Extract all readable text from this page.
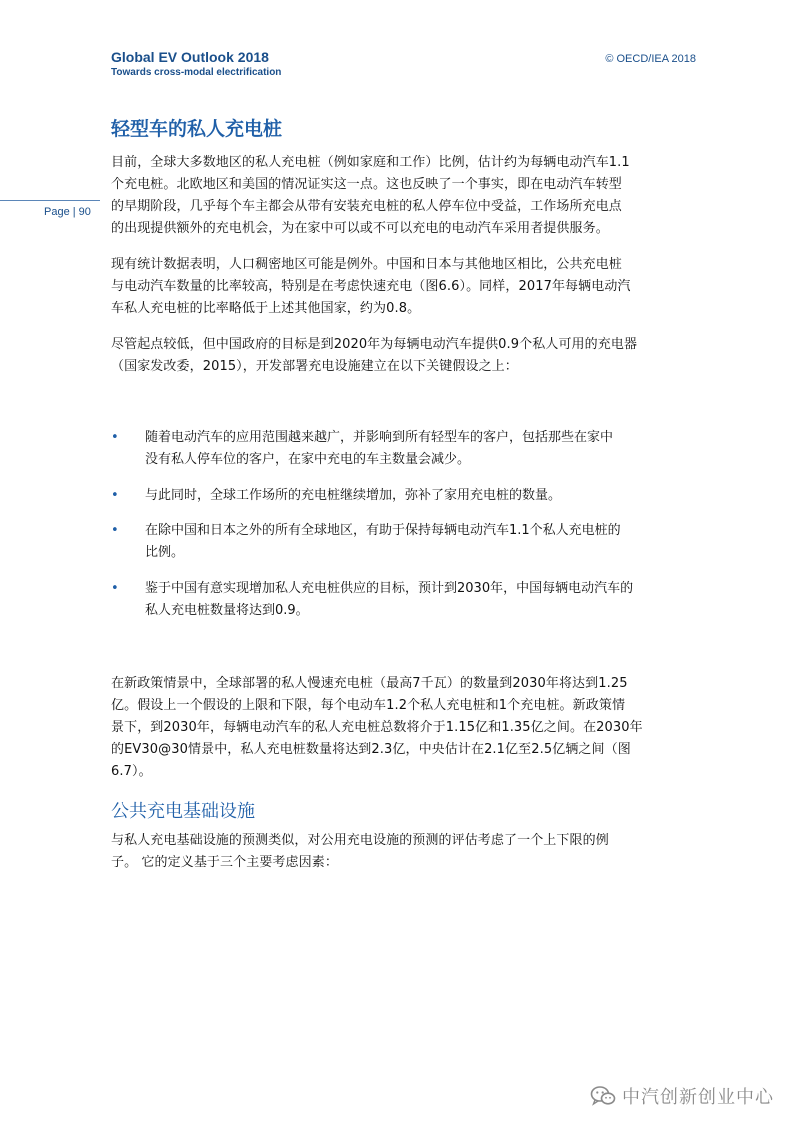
Global EV Outlook 2018
Towards cross-modal electrification
© OECD/IEA 2018
Page | 90
轻型车的私人充电桩
目前，全球大多数地区的私人充电桩（例如家庭和工作）比例，估计约为每辆电动汽车1.1
个充电桩。北欧地区和美国的情况证实这一点。这也反映了一个事实，即在电动汽车转型
的早期阶段，几乎每个车主都会从带有安装充电桩的私人停车位中受益，工作场所充电点
的出现提供额外的充电机会，为在家中可以或不可以充电的电动汽车采用者提供服务。
现有统计数据表明，人口稠密地区可能是例外。中国和日本与其他地区相比，公共充电桩
与电动汽车数量的比率较高，特别是在考虑快速充电（图6.6）。同样，2017年每辆电动汽
车私人充电桩的比率略低于上述其他国家，约为0.8。
尽管起点较低，但中国政府的目标是到2020年为每辆电动汽车提供0.9个私人可用的充电器
（国家发改委，2015），开发部署充电设施建立在以下关键假设之上：
• 随着电动汽车的应用范围越来越广，并影响到所有轻型车的客户，包括那些在家中
没有私人停车位的客户，在家中充电的车主数量会减少。
• 与此同时，全球工作场所的充电桩继续增加，弥补了家用充电桩的数量。
• 在除中国和日本之外的所有全球地区，有助于保持每辆电动汽车1.1个私人充电桩的
比例。
• 鉴于中国有意实现增加私人充电桩供应的目标，预计到2030年，中国每辆电动汽车的
私人充电桩数量将达到0.9。
在新政策情景中，全球部署的私人慢速充电桩（最高7千瓦）的数量到2030年将达到1.25
亿。假设上一个假设的上限和下限，每个电动车1.2个私人充电桩和1个充电桩。新政策情
景下，到2030年，每辆电动汽车的私人充电桩总数将介于1.15亿和1.35亿之间。在2030年
的EV30@30情景中，私人充电桩数量将达到2.3亿，中央估计在2.1亿至2.5亿辆之间（图
6.7）。
公共充电基础设施
与私人充电基础设施的预测类似，对公用充电设施的预测的评估考虑了一个上下限的例
子。 它的定义基于三个主要考虑因素：
中汽创新创业中心
